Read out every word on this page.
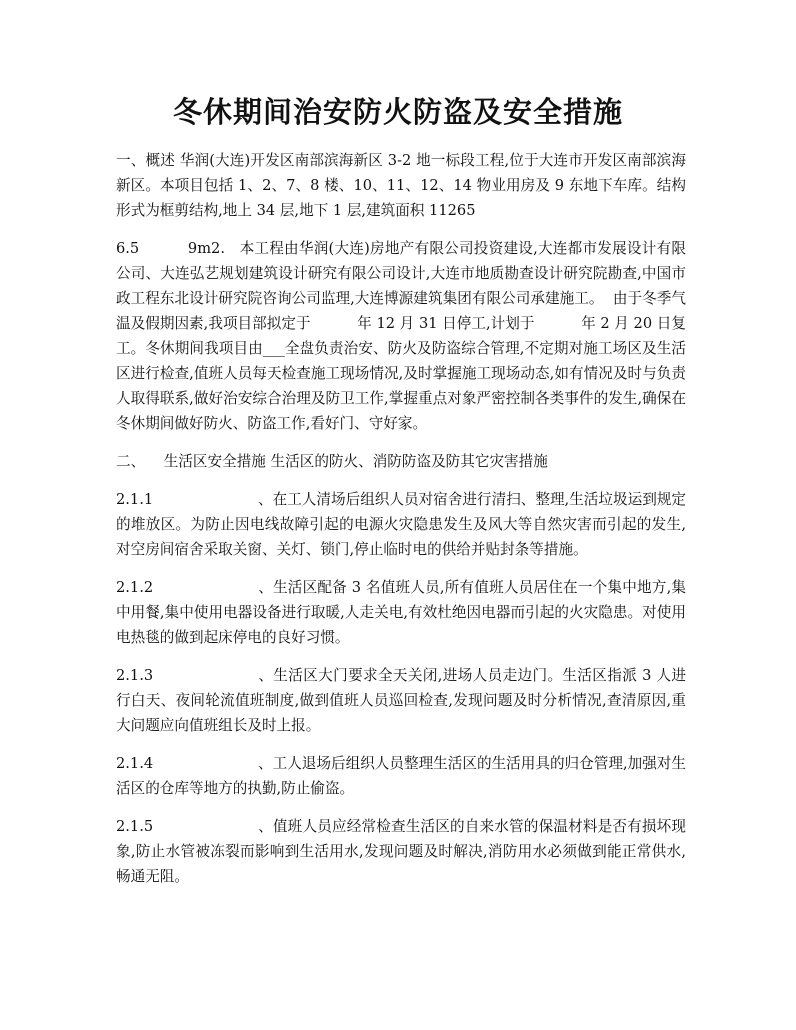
冬休期间治安防火防盗及安全措施

一、概述 华润(大连)开发区南部滨海新区 3-2 地一标段工程,位于大连市开发区南部滨海新区。本项目包括 1、2、7、8 楼、10、11、12、14 物业用房及 9 东地下车库。结构形式为框剪结构,地上 34 层,地下 1 层,建筑面积 11265

6.5          9m2.   本工程由华润(大连)房地产有限公司投资建设,大连都市发展设计有限公司、大连弘艺规划建筑设计研究有限公司设计,大连市地质勘查设计研究院勘查,中国市政工程东北设计研究院咨询公司监理,大连博源建筑集团有限公司承建施工。  由于冬季气温及假期因素,我项目部拟定于          年 12 月 31 日停工,计划于          年 2 月 20 日复工。冬休期间我项目由___全盘负责治安、防火及防盗综合管理,不定期对施工场区及生活区进行检查,值班人员每天检查施工现场情况,及时掌握施工现场动态,如有情况及时与负责人取得联系,做好治安综合治理及防卫工作,掌握重点对象严密控制各类事件的发生,确保在冬休期间做好防火、防盗工作,看好门、守好家。

二、    生活区安全措施 生活区的防火、消防防盗及防其它灾害措施

2.1.1	、在工人清场后组织人员对宿舍进行清扫、整理,生活垃圾运到规定的堆放区。为防止因电线故障引起的电源火灾隐患发生及风大等自然灾害而引起的发生,对空房间宿舍采取关窗、关灯、锁门,停止临时电的供给并贴封条等措施。

2.1.2	、生活区配备 3 名值班人员,所有值班人员居住在一个集中地方,集中用餐,集中使用电器设备进行取暖,人走关电,有效杜绝因电器而引起的火灾隐患。对使用电热毯的做到起床停电的良好习惯。

2.1.3	、生活区大门要求全天关闭,进场人员走边门。生活区指派 3 人进行白天、夜间轮流值班制度,做到值班人员巡回检查,发现问题及时分析情况,查清原因,重大问题应向值班组长及时上报。

2.1.4	、工人退场后组织人员整理生活区的生活用具的归仓管理,加强对生活区的仓库等地方的执勤,防止偷盗。

2.1.5	、值班人员应经常检查生活区的自来水管的保温材料是否有损坏现象,防止水管被冻裂而影响到生活用水,发现问题及时解决,消防用水必须做到能正常供水,畅通无阻。
